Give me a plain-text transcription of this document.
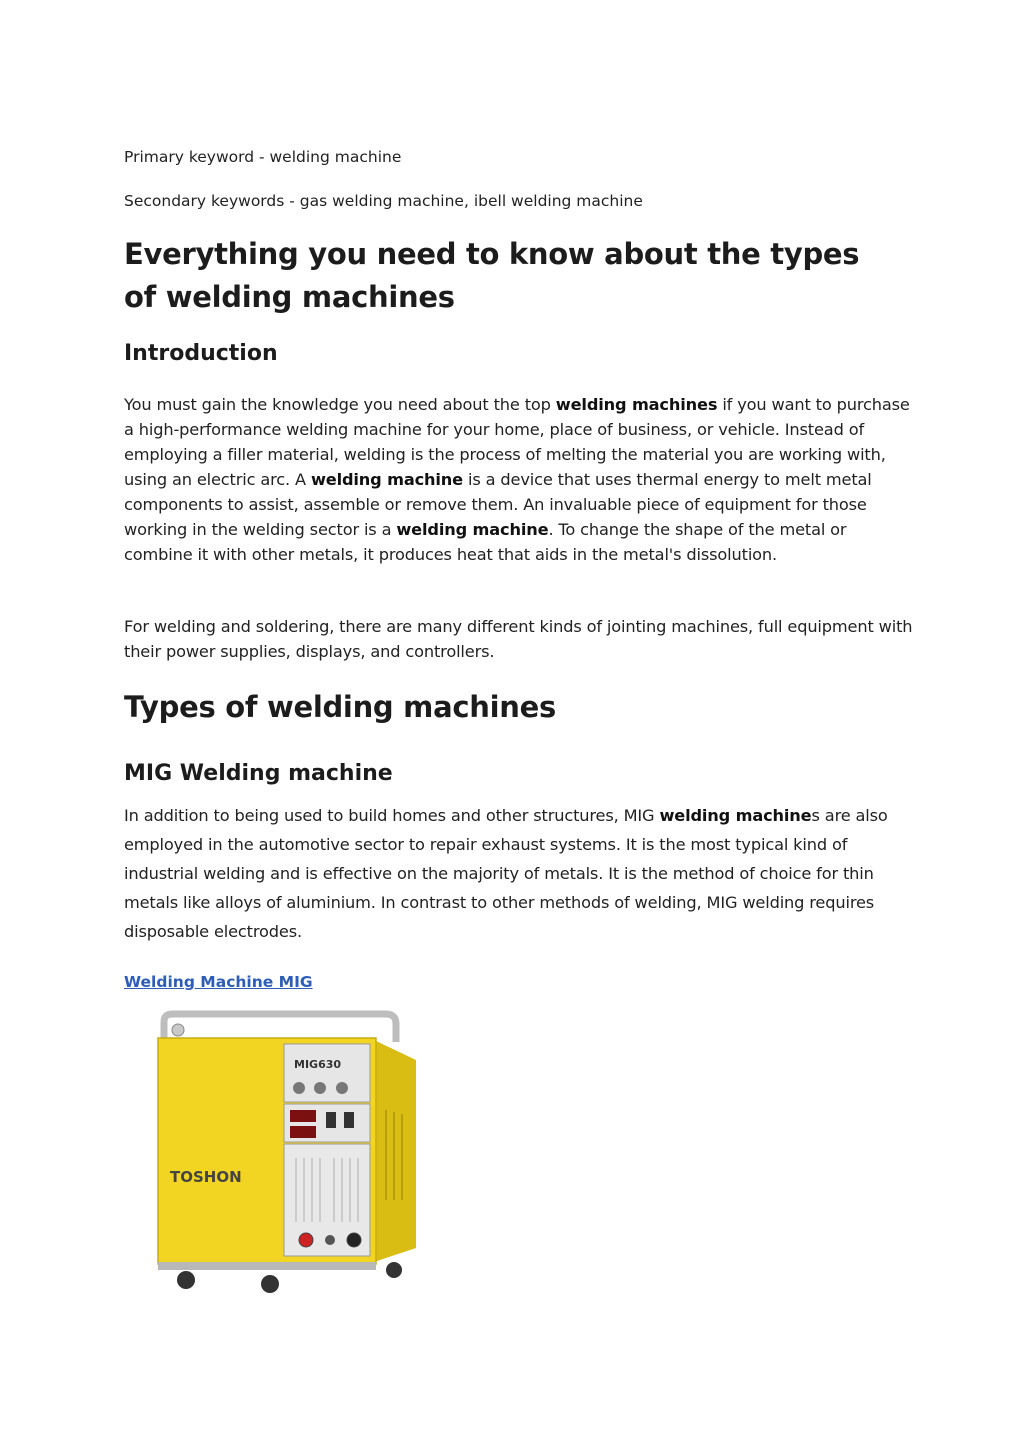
Primary keyword - welding machine

Secondary keywords - gas welding machine, ibell welding machine

Everything you need to know about the types of welding machines
Introduction

You must gain the knowledge you need about the top welding machines if you want to purchase a high-performance welding machine for your home, place of business, or vehicle. Instead of employing a filler material, welding is the process of melting the material you are working with, using an electric arc. A welding machine is a device that uses thermal energy to melt metal components to assist, assemble or remove them. An invaluable piece of equipment for those working in the welding sector is a welding machine. To change the shape of the metal or combine it with other metals, it produces heat that aids in the metal's dissolution.

For welding and soldering, there are many different kinds of jointing machines, full equipment with their power supplies, displays, and controllers.

Types of welding machines
MIG Welding machine

In addition to being used to build homes and other structures, MIG welding machines are also employed in the automotive sector to repair exhaust systems. It is the most typical kind of industrial welding and is effective on the majority of metals. It is the method of choice for thin metals like alloys of aluminium. In contrast to other methods of welding, MIG welding requires disposable electrodes.

Welding Machine MIG
MIG630
TOSHON
